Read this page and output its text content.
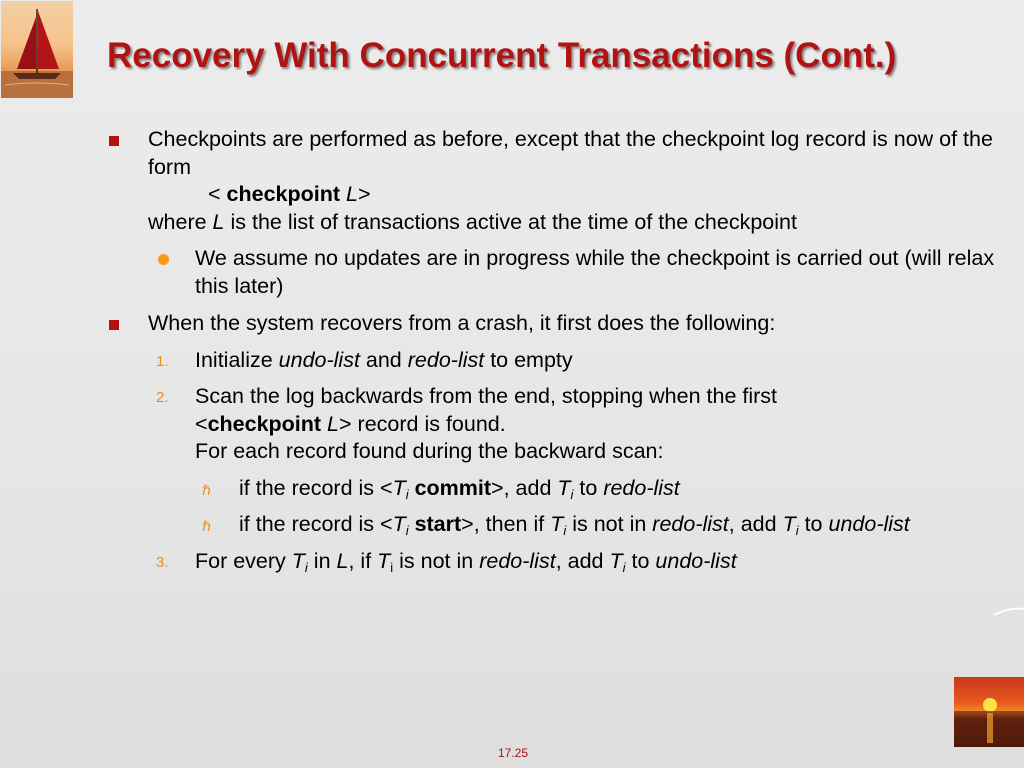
Recovery With Concurrent Transactions (Cont.)
Checkpoints are performed as before, except that the checkpoint log record is now of the form
< checkpoint L>
where L is the list of transactions active at the time of the checkpoint
We assume no updates are in progress while the checkpoint is carried out (will relax this later)
When the system recovers from a crash, it first does the following:
1. Initialize undo-list and redo-list to empty
2. Scan the log backwards from the end, stopping when the first
<checkpoint L> record is found.
For each record found during the backward scan:
ℏ if the record is $<T_i$ commit>, add $T_i$ to redo-list
ℏ if the record is $<T_i$ start>, then if $T_i$ is not in redo-list, add $T_i$ to undo-list
3. For every $T_i$ in L, if $T_i$ is not in redo-list, add $T_i$ to undo-list
17.25
